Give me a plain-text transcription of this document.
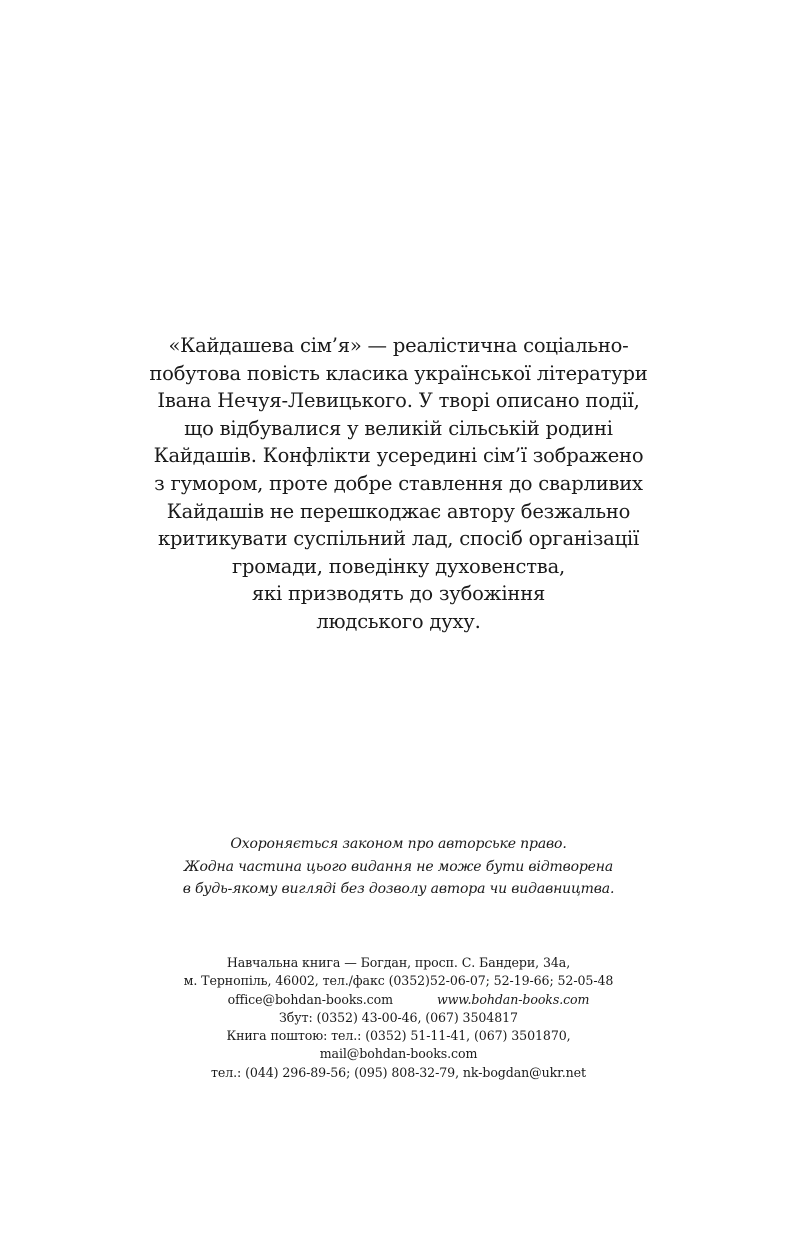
«Кайдашева сім’я» — реалістична соціально-
побутова повість класика української літератури
Івана Нечуя-Левицького. У творі описано події,
що відбувалися у великій сільській родині
Кайдашів. Конфлікти усередині сім’ї зображено
з гумором, проте добре ставлення до сварливих
Кайдашів не перешкоджає автору безжально
критикувати суспільний лад, спосіб організації
громади, поведінку духовенства,
які призводять до зубожіння
людського духу.
Охороняється законом про авторське право.
Жодна частина цього видання не може бути відтворена
в будь-якому вигляді без дозволу автора чи видавництва.
Навчальна книга — Богдан, просп. С. Бандери, 34а,
м. Тернопіль, 46002, тел./факс (0352)52-06-07; 52-19-66; 52-05-48
office@bohdan-books.com	www.bohdan-books.com
Збут: (0352) 43-00-46, (067) 3504817
Книга поштою: тел.: (0352) 51-11-41, (067) 3501870,
mail@bohdan-books.com
тел.: (044) 296-89-56; (095) 808-32-79, nk-bogdan@ukr.net
